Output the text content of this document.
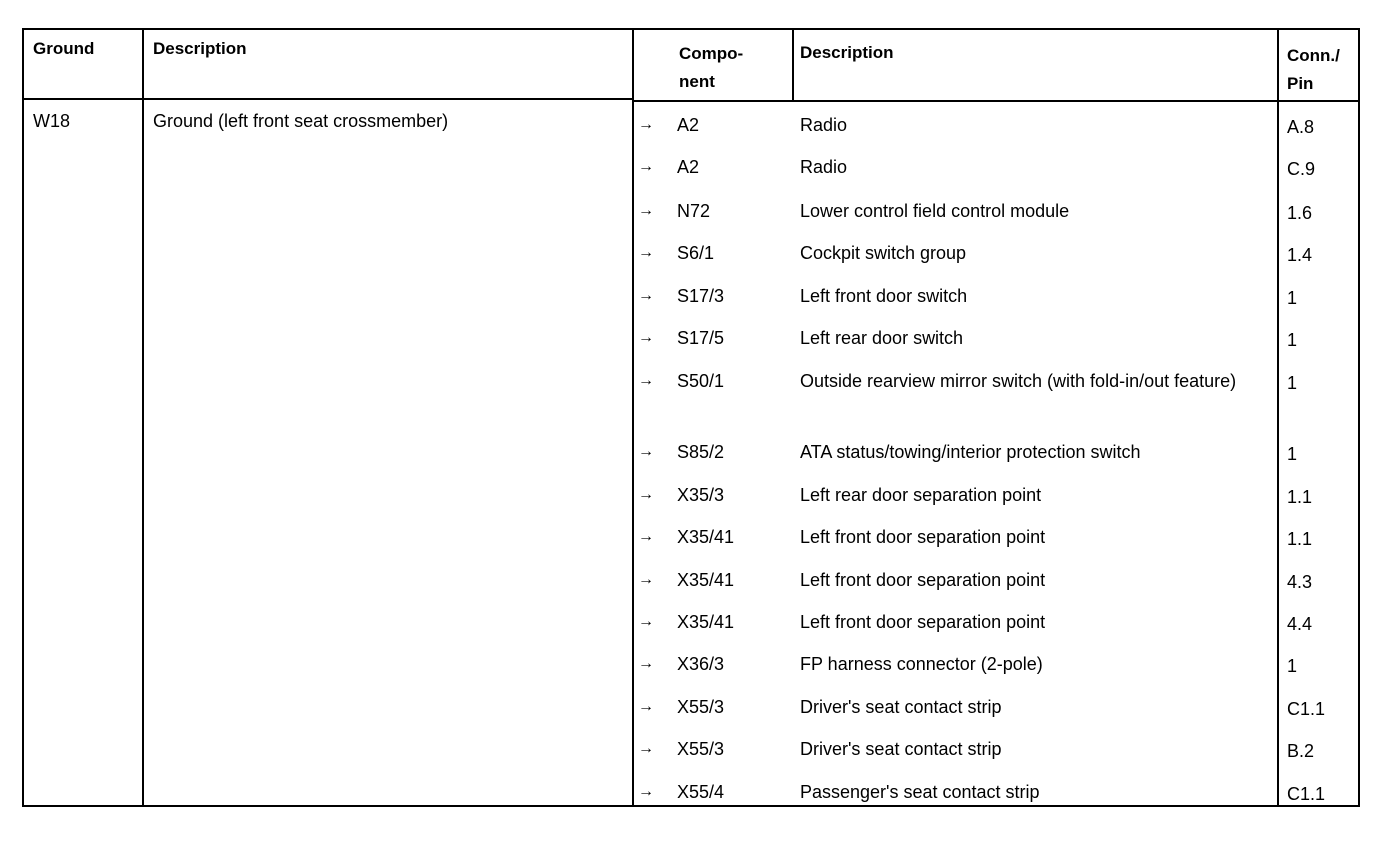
Ground	Description	Compo-
nent
Description	Conn./
Pin
W18	Ground (left front seat crossmember)	→ A2	Radio	A.8
→ A2	Radio	C.9
→ N72	Lower control field control module	1.6
→ S6/1	Cockpit switch group	1.4
→ S17/3	Left front door switch	1
→ S17/5	Left rear door switch	1
→ S50/1	Outside rearview mirror switch (with fold-in/out feature)	1
→ S85/2	ATA status/towing/interior protection switch	1
→ X35/3	Left rear door separation point	1.1
→ X35/41	Left front door separation point	1.1
→ X35/41	Left front door separation point	4.3
→ X35/41	Left front door separation point	4.4
→ X36/3	FP harness connector (2-pole)	1
→ X55/3	Driver's seat contact strip	C1.1
→ X55/3	Driver's seat contact strip	B.2
→ X55/4	Passenger's seat contact strip	C1.1
